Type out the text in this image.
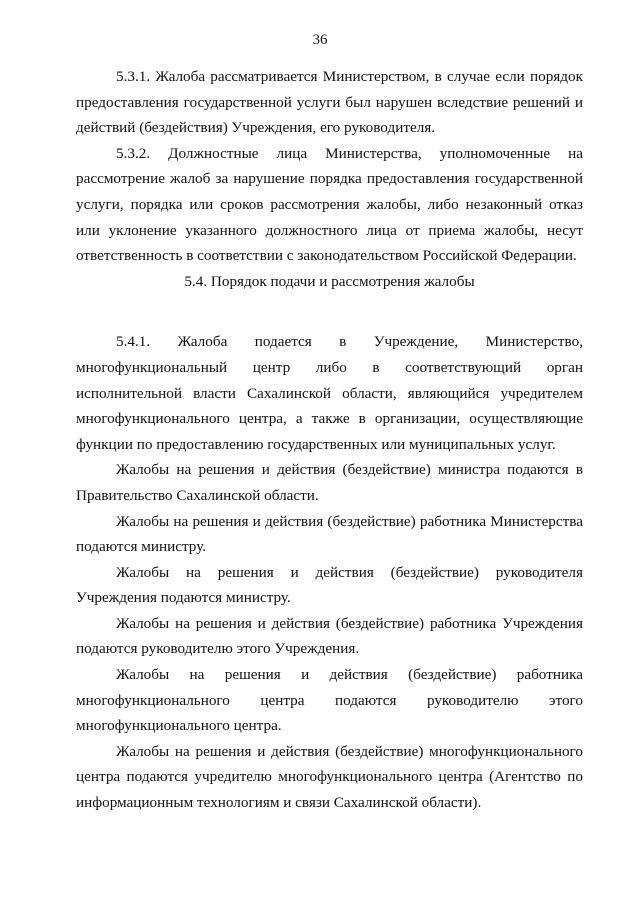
36

5.3.1. Жалоба рассматривается Министерством, в случае если порядок предоставления государственной услуги был нарушен вследствие решений и действий (бездействия) Учреждения, его руководителя.

5.3.2. Должностные лица Министерства, уполномоченные на рассмотрение жалоб за нарушение порядка предоставления государственной услуги, порядка или сроков рассмотрения жалобы, либо незаконный отказ или уклонение указанного должностного лица от приема жалобы, несут ответственность в соответствии с законодательством Российской Федерации.

5.4. Порядок подачи и рассмотрения жалобы

5.4.1. Жалоба подается в Учреждение, Министерство, многофункциональный центр либо в соответствующий орган исполнительной власти Сахалинской области, являющийся учредителем многофункционального центра, а также в организации, осуществляющие функции по предоставлению государственных или муниципальных услуг.

Жалобы на решения и действия (бездействие) министра подаются в Правительство Сахалинской области.

Жалобы на решения и действия (бездействие) работника Министерства подаются министру.

Жалобы на решения и действия (бездействие) руководителя Учреждения подаются министру.

Жалобы на решения и действия (бездействие) работника Учреждения подаются руководителю этого Учреждения.

Жалобы на решения и действия (бездействие) работника многофункционального центра подаются руководителю этого многофункционального центра.

Жалобы на решения и действия (бездействие) многофункционального центра подаются учредителю многофункционального центра (Агентство по информационным технологиям и связи Сахалинской области).
